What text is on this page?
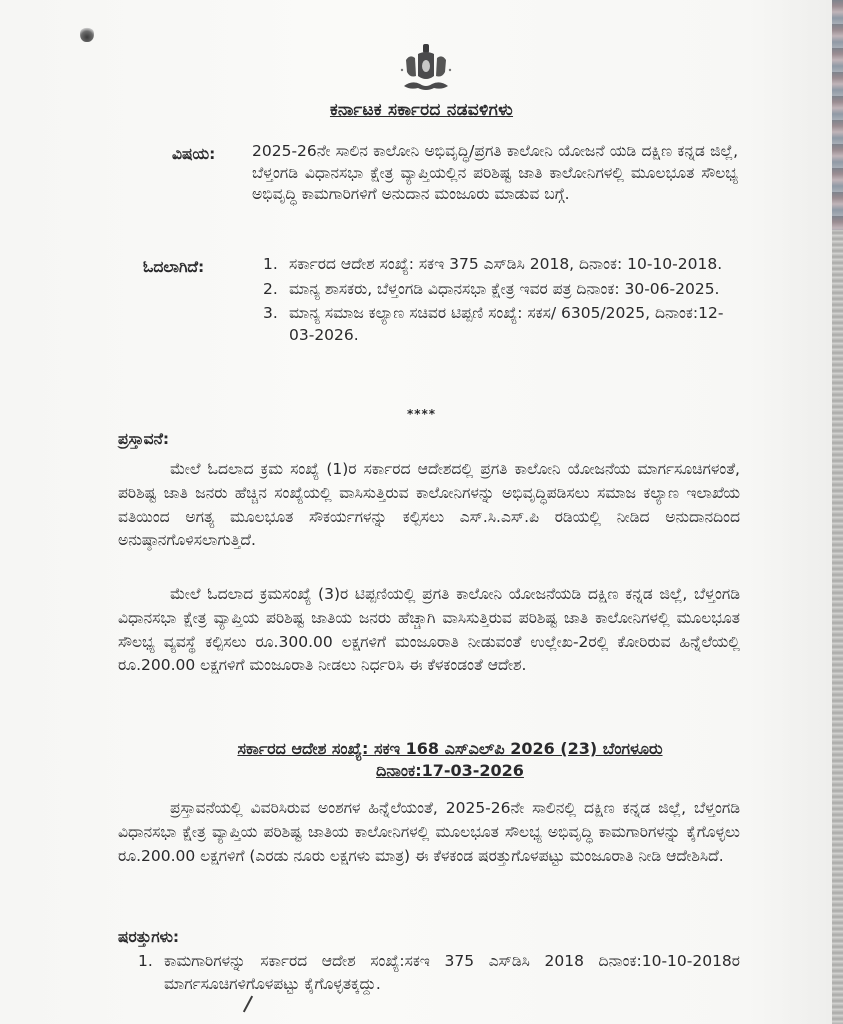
ಕರ್ನಾಟಕ ಸರ್ಕಾರದ ನಡವಳಿಗಳು
ವಿಷಯ: 2025-26ನೇ ಸಾಲಿನ ಕಾಲೋನಿ ಅಭಿವೃದ್ಧಿ/ಪ್ರಗತಿ ಕಾಲೋನಿ ಯೋಜನೆ ಯಡಿ ದಕ್ಷಿಣ ಕನ್ನಡ ಜಿಲ್ಲೆ, ಬೆಳ್ತಂಗಡಿ ವಿಧಾನಸಭಾ ಕ್ಷೇತ್ರ ವ್ಯಾಪ್ತಿಯಲ್ಲಿನ ಪರಿಶಿಷ್ಟ ಜಾತಿ ಕಾಲೋನಿಗಳಲ್ಲಿ ಮೂಲಭೂತ ಸೌಲಭ್ಯ ಅಭಿವೃದ್ಧಿ ಕಾಮಗಾರಿಗಳಿಗೆ ಅನುದಾನ ಮಂಜೂರು ಮಾಡುವ ಬಗ್ಗೆ.
ಓದಲಾಗಿದೆ:	1. ಸರ್ಕಾರದ ಆದೇಶ ಸಂಖ್ಯೆ: ಸಕಇ 375 ಎಸ್‌ಡಿಸಿ 2018, ದಿನಾಂಕ: 10-10-2018.
2. ಮಾನ್ಯ ಶಾಸಕರು, ಬೆಳ್ತಂಗಡಿ ವಿಧಾನಸಭಾ ಕ್ಷೇತ್ರ ಇವರ ಪತ್ರ ದಿನಾಂಕ: 30-06-2025.
3. ಮಾನ್ಯ ಸಮಾಜ ಕಲ್ಯಾಣ ಸಚಿವರ ಟಿಪ್ಪಣಿ ಸಂಖ್ಯೆ: ಸಕಸ/ 6305/2025, ದಿನಾಂಕ:12-03-2026.
****
ಪ್ರಸ್ತಾವನೆ:

ಮೇಲೆ ಓದಲಾದ ಕ್ರಮ ಸಂಖ್ಯೆ (1)ರ ಸರ್ಕಾರದ ಆದೇಶದಲ್ಲಿ ಪ್ರಗತಿ ಕಾಲೋನಿ ಯೋಜನೆಯ ಮಾರ್ಗಸೂಚಿಗಳಂತೆ, ಪರಿಶಿಷ್ಟ ಜಾತಿ ಜನರು ಹೆಚ್ಚಿನ ಸಂಖ್ಯೆಯಲ್ಲಿ ವಾಸಿಸುತ್ತಿರುವ ಕಾಲೋನಿಗಳನ್ನು ಅಭಿವೃದ್ಧಿಪಡಿಸಲು ಸಮಾಜ ಕಲ್ಯಾಣ ಇಲಾಖೆಯ ವತಿಯಿಂದ ಅಗತ್ಯ ಮೂಲಭೂತ ಸೌಕರ್ಯಗಳನ್ನು ಕಲ್ಪಿಸಲು ಎಸ್.ಸಿ.ಎಸ್.ಪಿ ರಡಿಯಲ್ಲಿ ನೀಡಿದ ಅನುದಾನದಿಂದ ಅನುಷ್ಠಾನಗೊಳಿಸಲಾಗುತ್ತಿದೆ.

ಮೇಲೆ ಓದಲಾದ ಕ್ರಮಸಂಖ್ಯೆ (3)ರ ಟಿಪ್ಪಣಿಯಲ್ಲಿ ಪ್ರಗತಿ ಕಾಲೋನಿ ಯೋಜನೆಯಡಿ ದಕ್ಷಿಣ ಕನ್ನಡ ಜಿಲ್ಲೆ, ಬೆಳ್ತಂಗಡಿ ವಿಧಾನಸಭಾ ಕ್ಷೇತ್ರ ವ್ಯಾಪ್ತಿಯ ಪರಿಶಿಷ್ಟ ಜಾತಿಯ ಜನರು ಹೆಚ್ಚಾಗಿ ವಾಸಿಸುತ್ತಿರುವ ಪರಿಶಿಷ್ಟ ಜಾತಿ ಕಾಲೋನಿಗಳಲ್ಲಿ ಮೂಲಭೂತ ಸೌಲಭ್ಯ ವ್ಯವಸ್ಥೆ ಕಲ್ಪಿಸಲು ರೂ.300.00 ಲಕ್ಷಗಳಿಗೆ ಮಂಜೂರಾತಿ ನೀಡುವಂತೆ ಉಲ್ಲೇಖ-2ರಲ್ಲಿ ಕೋರಿರುವ ಹಿನ್ನೆಲೆಯಲ್ಲಿ ರೂ.200.00 ಲಕ್ಷಗಳಿಗೆ ಮಂಜೂರಾತಿ ನೀಡಲು ನಿರ್ಧರಿಸಿ ಈ ಕೆಳಕಂಡಂತೆ ಆದೇಶ.

ಸರ್ಕಾರದ ಆದೇಶ ಸಂಖ್ಯೆ: ಸಕಇ 168 ಎಸ್‌ಎಲ್‌ಪಿ 2026 (23) ಬೆಂಗಳೂರು
ದಿನಾಂಕ:17-03-2026

ಪ್ರಸ್ತಾವನೆಯಲ್ಲಿ ವಿವರಿಸಿರುವ ಅಂಶಗಳ ಹಿನ್ನೆಲೆಯಂತೆ, 2025-26ನೇ ಸಾಲಿನಲ್ಲಿ ದಕ್ಷಿಣ ಕನ್ನಡ ಜಿಲ್ಲೆ, ಬೆಳ್ತಂಗಡಿ ವಿಧಾನಸಭಾ ಕ್ಷೇತ್ರ ವ್ಯಾಪ್ತಿಯ ಪರಿಶಿಷ್ಟ ಜಾತಿಯ ಕಾಲೋನಿಗಳಲ್ಲಿ ಮೂಲಭೂತ ಸೌಲಭ್ಯ ಅಭಿವೃದ್ಧಿ ಕಾಮಗಾರಿಗಳನ್ನು ಕೈಗೊಳ್ಳಲು ರೂ.200.00 ಲಕ್ಷಗಳಿಗೆ (ಎರಡು ನೂರು ಲಕ್ಷಗಳು ಮಾತ್ರ) ಈ ಕೆಳಕಂಡ ಷರತ್ತುಗೊಳಪಟ್ಟು ಮಂಜೂರಾತಿ ನೀಡಿ ಆದೇಶಿಸಿದೆ.

ಷರತ್ತುಗಳು:
1. ಕಾಮಗಾರಿಗಳನ್ನು ಸರ್ಕಾರದ ಆದೇಶ ಸಂಖ್ಯೆ:ಸಕಇ 375 ಎಸ್‌ಡಿಸಿ 2018 ದಿನಾಂಕ:10-10-2018ರ ಮಾರ್ಗಸೂಚಿಗಳಿಗೊಳಪಟ್ಟು ಕೈಗೊಳ್ಳತಕ್ಕದ್ದು.
